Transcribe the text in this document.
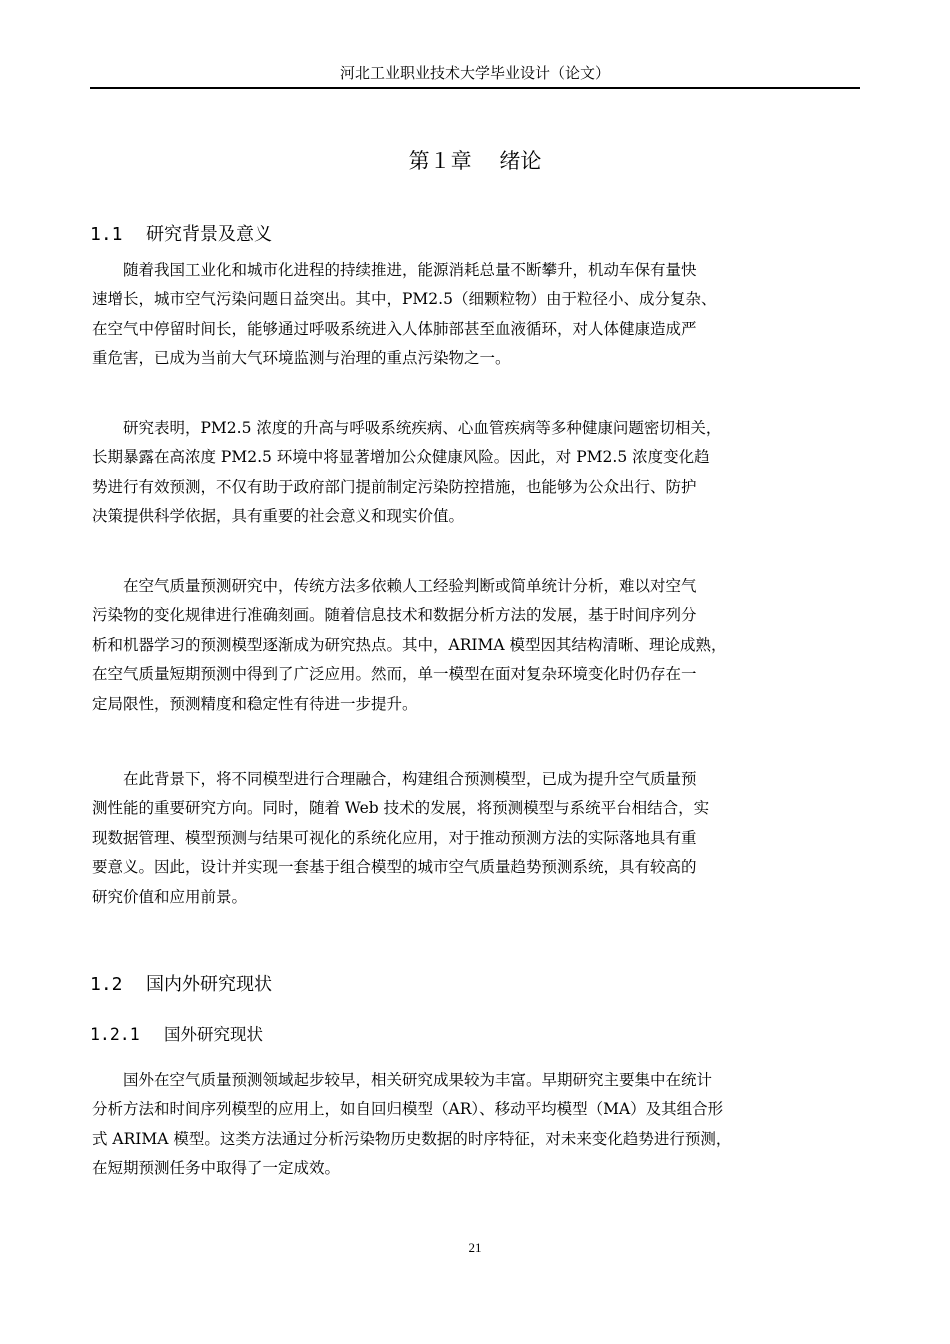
河北工业职业技术大学毕业设计（论文）
第１章　 绪论
1.1 研究背景及意义

随着我国工业化和城市化进程的持续推进，能源消耗总量不断攀升，机动车保有量快
速增长，城市空气污染问题日益突出。其中，PM2.5（细颗粒物）由于粒径小、成分复杂、
在空气中停留时间长，能够通过呼吸系统进入人体肺部甚至血液循环，对人体健康造成严
重危害，已成为当前大气环境监测与治理的重点污染物之一。

研究表明，PM2.5 浓度的升高与呼吸系统疾病、心血管疾病等多种健康问题密切相关，
长期暴露在高浓度 PM2.5 环境中将显著增加公众健康风险。因此，对 PM2.5 浓度变化趋
势进行有效预测，不仅有助于政府部门提前制定污染防控措施，也能够为公众出行、防护
决策提供科学依据，具有重要的社会意义和现实价值。

在空气质量预测研究中，传统方法多依赖人工经验判断或简单统计分析，难以对空气
污染物的变化规律进行准确刻画。随着信息技术和数据分析方法的发展，基于时间序列分
析和机器学习的预测模型逐渐成为研究热点。其中，ARIMA 模型因其结构清晰、理论成熟，
在空气质量短期预测中得到了广泛应用。然而，单一模型在面对复杂环境变化时仍存在一
定局限性，预测精度和稳定性有待进一步提升。

在此背景下，将不同模型进行合理融合，构建组合预测模型，已成为提升空气质量预
测性能的重要研究方向。同时，随着 Web 技术的发展，将预测模型与系统平台相结合，实
现数据管理、模型预测与结果可视化的系统化应用，对于推动预测方法的实际落地具有重
要意义。因此，设计并实现一套基于组合模型的城市空气质量趋势预测系统，具有较高的
研究价值和应用前景。

1.2 国内外研究现状
1.2.1 国外研究现状

国外在空气质量预测领域起步较早，相关研究成果较为丰富。早期研究主要集中在统计
分析方法和时间序列模型的应用上，如自回归模型（AR）、移动平均模型（MA）及其组合形
式 ARIMA 模型。这类方法通过分析污染物历史数据的时序特征，对未来变化趋势进行预测，
在短期预测任务中取得了一定成效。

21
